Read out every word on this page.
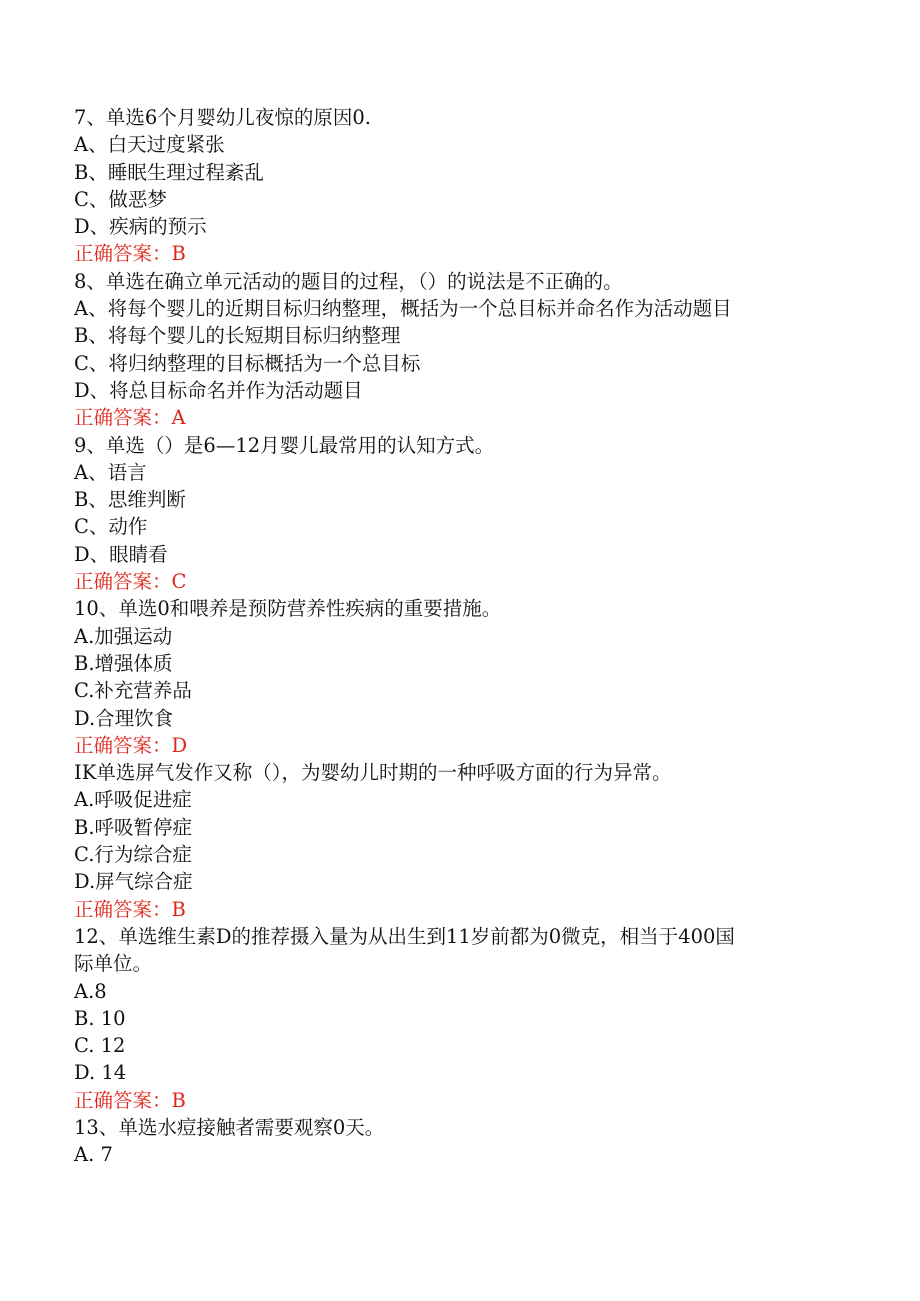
7、单选6个月婴幼儿夜惊的原因0.
A、白天过度紧张
B、睡眠生理过程紊乱
C、做恶梦
D、疾病的预示
正确答案：B
8、单选在确立单元活动的题目的过程，（）的说法是不正确的。
A、将每个婴儿的近期目标归纳整理，概括为一个总目标并命名作为活动题目
B、将每个婴儿的长短期目标归纳整理
C、将归纳整理的目标概括为一个总目标
D、将总目标命名并作为活动题目
正确答案：A
9、单选（）是6—12月婴儿最常用的认知方式。
A、语言
B、思维判断
C、动作
D、眼睛看
正确答案：C
10、单选0和喂养是预防营养性疾病的重要措施。
A.加强运动
B.增强体质
C.补充营养品
D.合理饮食
正确答案：D
IK单选屏气发作又称（），为婴幼儿时期的一种呼吸方面的行为异常。
A.呼吸促进症
B.呼吸暂停症
C.行为综合症
D.屏气综合症
正确答案：B
12、单选维生素D的推荐摄入量为从出生到11岁前都为0微克，相当于400国
际单位。
A.8
B. 10
C. 12
D. 14
正确答案：B
13、单选水痘接触者需要观察0天。
A. 7
